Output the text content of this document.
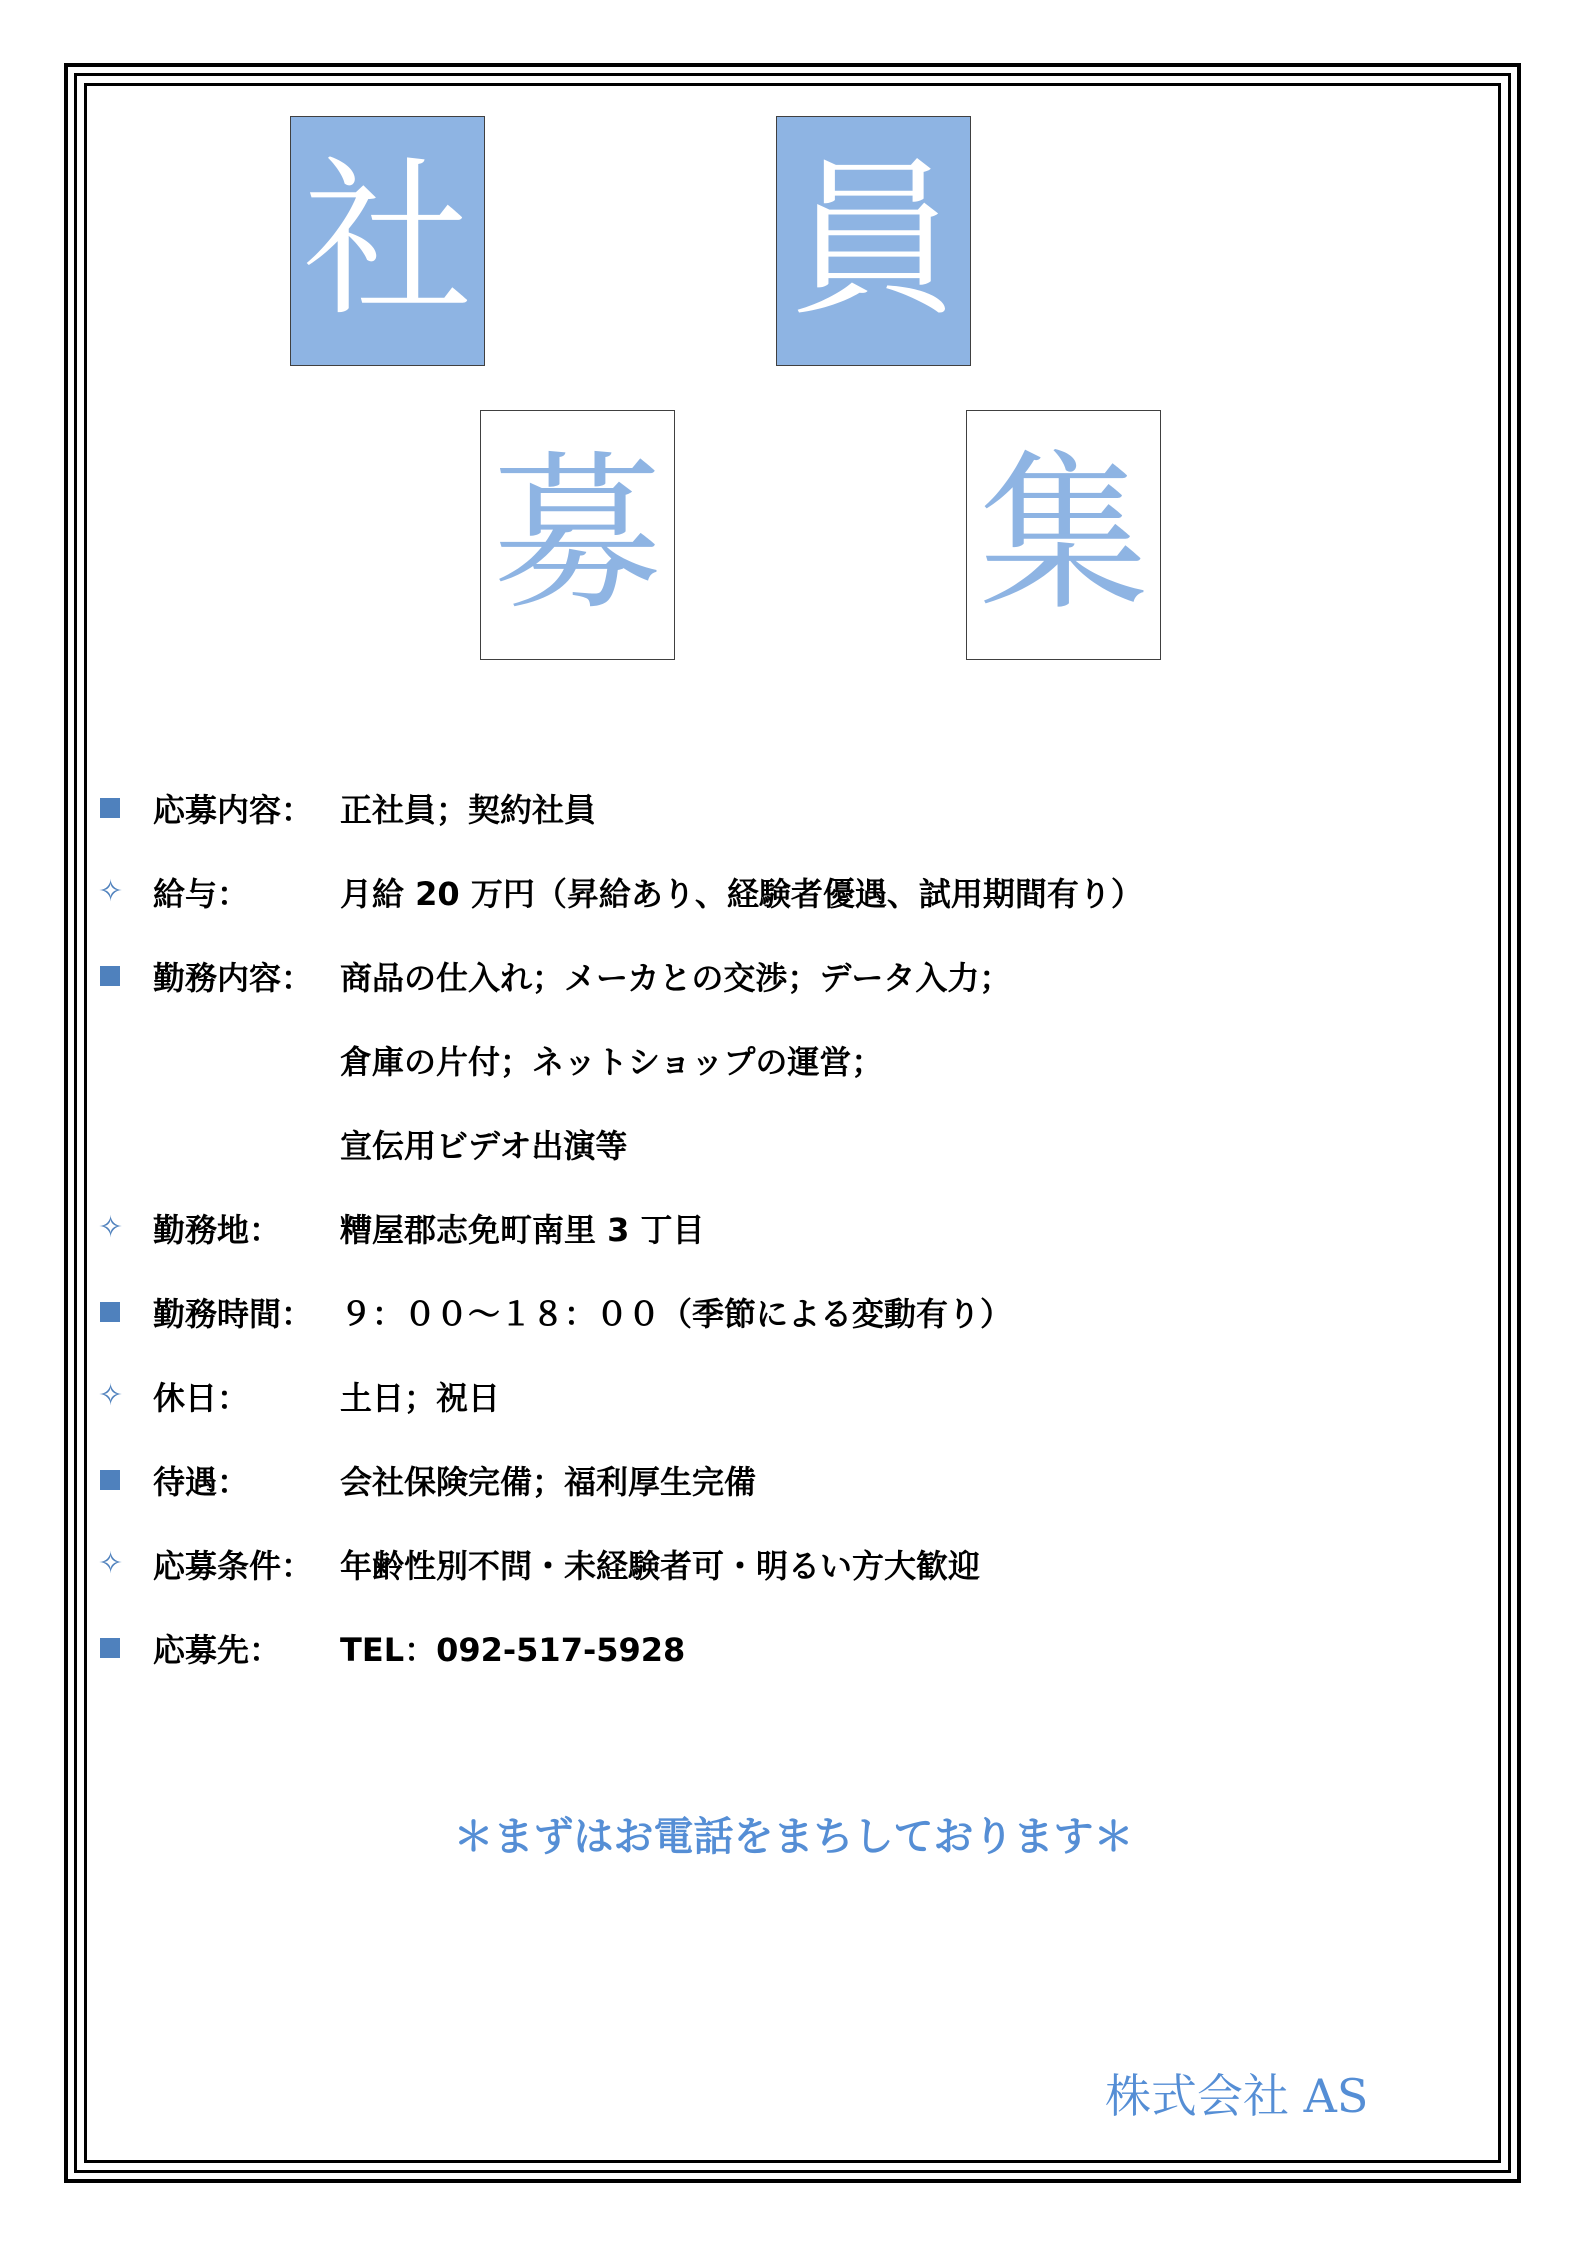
社 員
募 集
応募内容： 正社員；契約社員
✧ 給与：	月給 20 万円（昇給あり、経験者優遇、試用期間有り）
勤務内容： 商品の仕入れ；メーカとの交渉；データ入力；
倉庫の片付；ネットショップの運営；
宣伝用ビデオ出演等
✧ 勤務地：	糟屋郡志免町南里 3 丁目
勤務時間： ９：００～１８：００（季節による変動有り）
✧ 休日：	土日；祝日
待遇：	会社保険完備；福利厚生完備
✧ 応募条件： 年齢性別不問・未経験者可・明るい方大歓迎
応募先：	TEL：092-517-5928
＊まずはお電話をまちしております＊
株式会社 AS
